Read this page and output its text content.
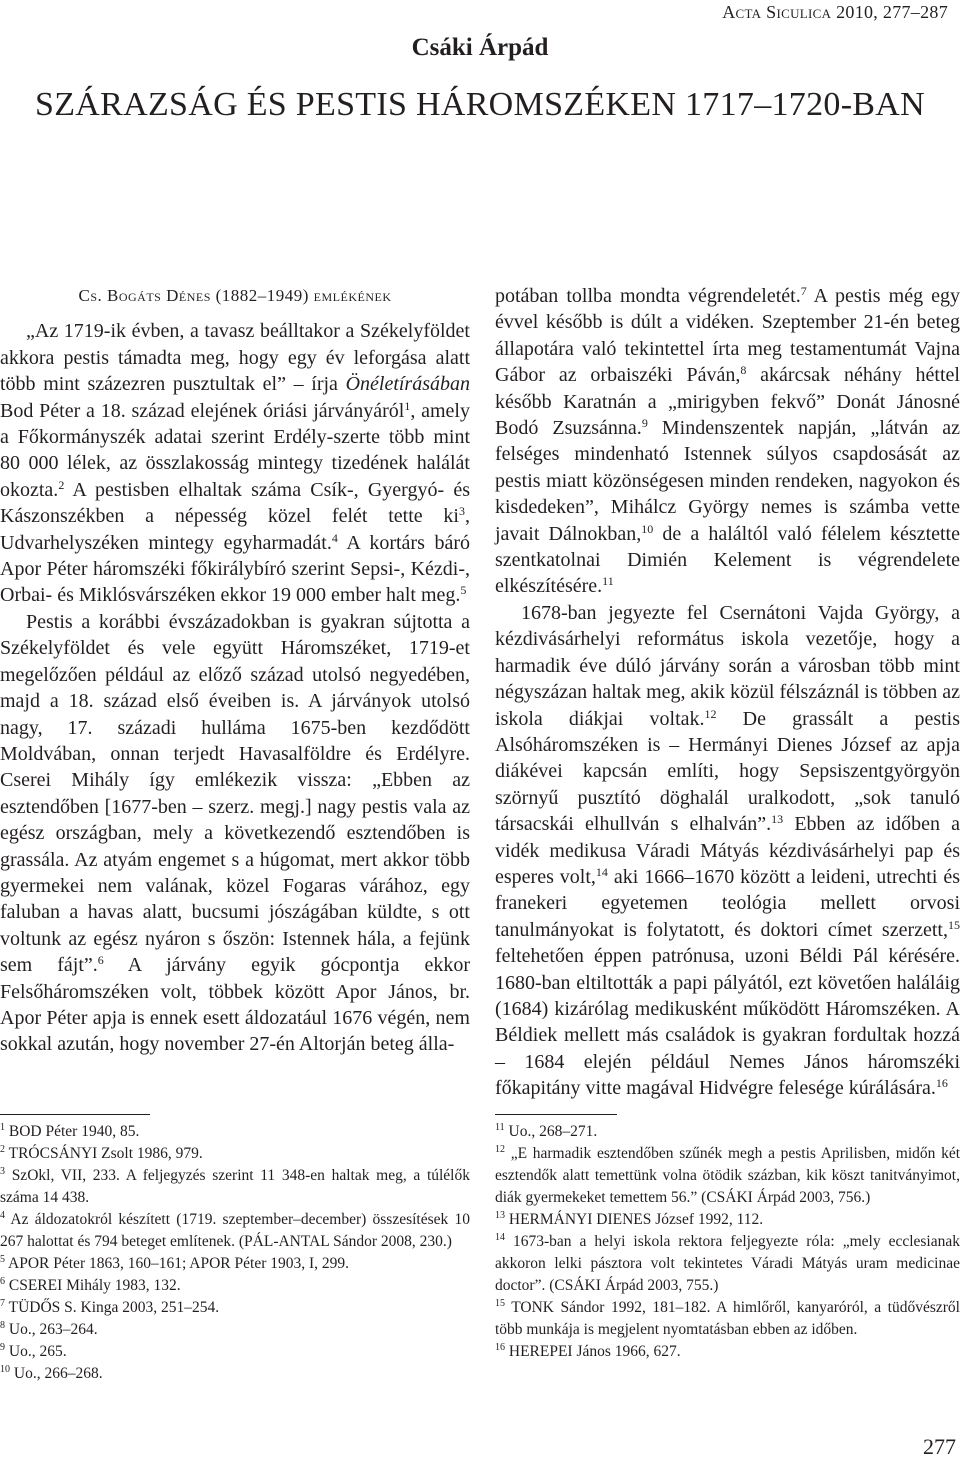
Acta Siculica 2010, 277–287
Csáki Árpád
SZÁRAZSÁG ÉS PESTIS HÁROMSZÉKEN 1717–1720-BAN

Cs. Bogáts Dénes (1882–1949) emlékének

„Az 1719-ik évben, a tavasz beálltakor a Székelyföldet akkora pestis támadta meg, hogy egy év leforgása alatt több mint százezren pusztultak el” – írja Önéletírásában Bod Péter a 18. század elejének óriási járványáról$^1$, amely a Főkormányszék adatai szerint Erdély-szerte több mint 80 000 lélek, az összlakosság mintegy tizedének halálát okozta.$^2$ A pestisben elhaltak száma Csík-, Gyergyó- és Kászonszékben a népesség közel felét tette $ki^3$, Udvarhelyszéken mintegy egyharmadát.$^4$ A kortárs báró Apor Péter háromszéki főkirálybíró szerint Sepsi-, Kézdi-, Orbai- és Miklósvárszéken ekkor 19 000 ember halt meg.$^5$

Pestis a korábbi évszázadokban is gyakran sújtotta a Székelyföldet és vele együtt Háromszéket, 1719-et megelőzően például az előző század utolsó negyedében, majd a 18. század első éveiben is. A járványok utolsó nagy, 17. századi hulláma 1675-ben kezdődött Moldvában, onnan terjedt Havasalföldre és Erdélyre. Cserei Mihály így emlékezik vissza: „Ebben az esztendőben [1677-ben – szerz. megj.] nagy pestis vala az egész országban, mely a következendő esztendőben is grassála. Az atyám engemet s a húgomat, mert akkor több gyermekei nem valának, közel Fogaras várához, egy faluban a havas alatt, bucsumi jószágában küldte, s ott voltunk az egész nyáron s őszön: Istennek hála, a fejünk sem fájt”.$^6$ A járvány egyik gócpontja ekkor Felsőháromszéken volt, többek között Apor János, br. Apor Péter apja is ennek esett áldozatául 1676 végén, nem sokkal azután, hogy november 27-én Altorján beteg álla-

potában tollba mondta végrendeletét.$^7$ A pestis még egy évvel később is dúlt a vidéken. Szeptember 21-én beteg állapotára való tekintettel írta meg testamentumát Vajna Gábor az orbaiszéki Páván,$^8$ akárcsak néhány héttel később Karatnán a „mirigyben fekvő” Donát Jánosné Bodó Zsuzsánna.$^9$ Mindenszentek napján, „látván az felséges mindenható Istennek súlyos csapdosását az pestis miatt közönségesen minden rendeken, nagyokon és kisdedeken”, Mihálcz György nemes is számba vette javait Dálnokban,$^{10}$ de a haláltól való félelem késztette szentkatolnai Dimién Kelement is végrendelete elkészítésére.$^{11}$

1678-ban jegyezte fel Csernátoni Vajda György, a kézdivásárhelyi református iskola vezetője, hogy a harmadik éve dúló járvány során a városban több mint négyszázan haltak meg, akik közül félszáznál is többen az iskola diákjai voltak.$^{12}$ De grassált a pestis Alsóháromszéken is – Hermányi Dienes József az apja diákévei kapcsán említi, hogy Sepsiszentgyörgyön szörnyű pusztító döghalál uralkodott, „sok tanuló társacskái elhullván s elhalván”.$^{13}$ Ebben az időben a vidék medikusa Váradi Mátyás kézdivásárhelyi pap és esperes volt,$^{14}$ aki 1666–1670 között a leideni, utrechti és franekeri egyetemen teológia mellett orvosi tanulmányokat is folytatott, és doktori címet szerzett,$^{15}$ feltehetően éppen patrónusa, uzoni Béldi Pál kérésére. 1680-ban eltiltották a papi pályától, ezt követően haláláig (1684) kizárólag medikusként működött Háromszéken. A Béldiek mellett más családok is gyakran fordultak hozzá – 1684 elején például Nemes János háromszéki főkapitány vitte magával Hidvégre felesége kúrálására.$^{16}$

$^1$ BOD Péter 1940, 85.

$^2$ TRÓCSÁNYI Zsolt 1986, 979.

$^3$ SzOkl, VII, 233. A feljegyzés szerint 11 348-en haltak meg, a túlélők száma 14 438.

$^4$ Az áldozatokról készített (1719. szeptember–december) összesítések 10 267 halottat és 794 beteget említenek. (PÁL-ANTAL Sándor 2008, 230.)

$^5$ APOR Péter 1863, 160–161; APOR Péter 1903, I, 299.

$^6$ CSEREI Mihály 1983, 132.

$^7$ TÜDŐS S. Kinga 2003, 251–254.

$^8$ Uo., 263–264.

$^9$ Uo., 265.

$^{10}$ Uo., 266–268.

$^{11}$ Uo., 268–271.

$^{12}$ „E harmadik esztendőben szűnék megh a pestis Aprilisben, midőn két esztendők alatt temettünk volna ötödik százban, kik köszt tanitványimot, diák gyermekeket temettem 56.” (CSÁKI Árpád 2003, 756.)

$^{13}$ HERMÁNYI DIENES József 1992, 112.

$^{14}$ 1673-ban a helyi iskola rektora feljegyezte róla: „mely ecclesianak akkoron lelki pásztora volt tekintetes Váradi Mátyás uram medicinae doctor”. (CSÁKI Árpád 2003, 755.)

$^{15}$ TONK Sándor 1992, 181–182. A himlőről, kanyaróról, a tüdővészről több munkája is megjelent nyomtatásban ebben az időben.

$^{16}$ HEREPEI János 1966, 627.

277
